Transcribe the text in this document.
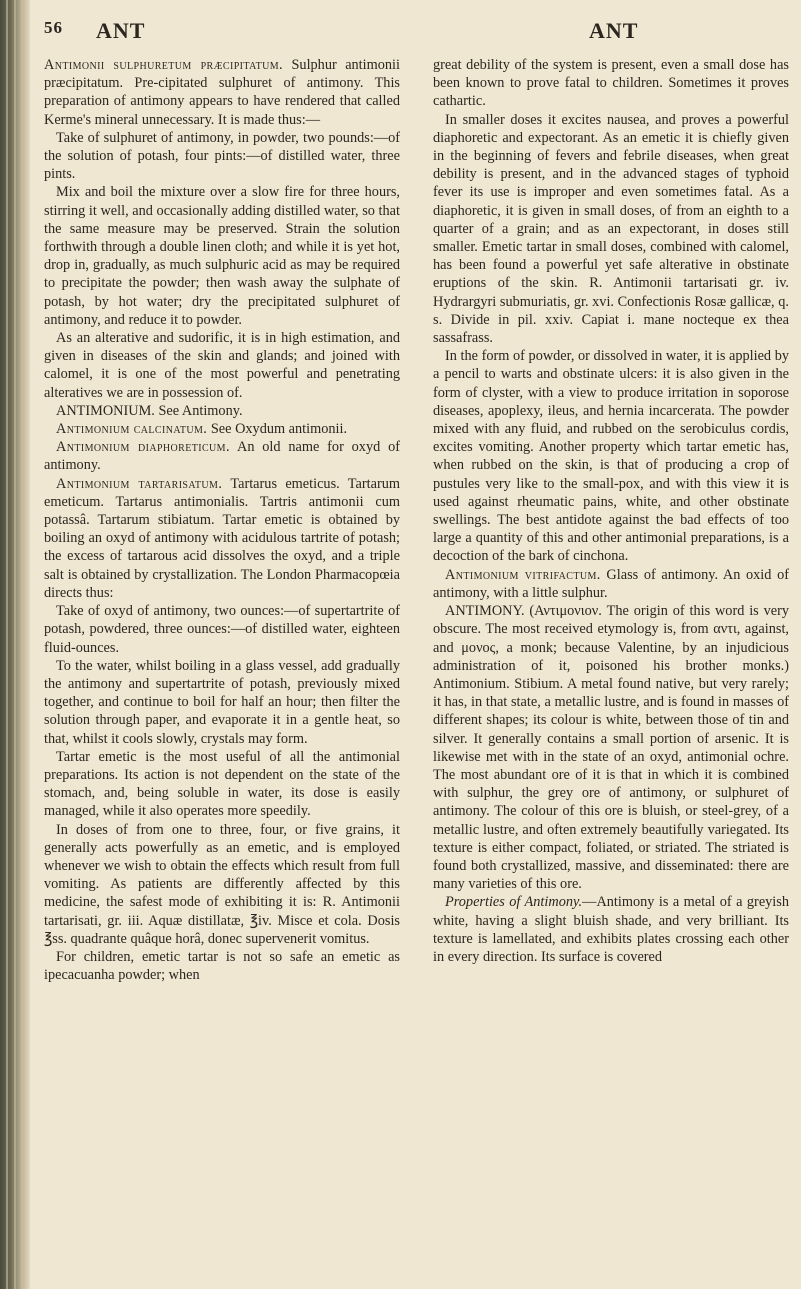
56 ANT	ANT

Antimonii sulphuretum præcipitatum. Sulphur antimonii præcipitatum. Pre-cipitated sulphuret of antimony. This preparation of antimony appears to have rendered that called Kerme's mineral unnecessary. It is made thus:—

Take of sulphuret of antimony, in powder, two pounds:—of the solution of potash, four pints:—of distilled water, three pints.

Mix and boil the mixture over a slow fire for three hours, stirring it well, and occasionally adding distilled water, so that the same measure may be preserved. Strain the solution forthwith through a double linen cloth; and while it is yet hot, drop in, gradually, as much sulphuric acid as may be required to precipitate the powder; then wash away the sulphate of potash, by hot water; dry the precipitated sulphuret of antimony, and reduce it to powder.

As an alterative and sudorific, it is in high estimation, and given in diseases of the skin and glands; and joined with calomel, it is one of the most powerful and penetrating alteratives we are in possession of.

ANTIMONIUM. See Antimony.

Antimonium calcinatum. See Oxydum antimonii.

Antimonium diaphoreticum. An old name for oxyd of antimony.

Antimonium tartarisatum. Tartarus emeticus. Tartarum emeticum. Tartarus antimonialis. Tartris antimonii cum potassâ. Tartarum stibiatum. Tartar emetic is obtained by boiling an oxyd of antimony with acidulous tartrite of potash; the excess of tartarous acid dissolves the oxyd, and a triple salt is obtained by crystallization. The London Pharmacopœia directs thus:

Take of oxyd of antimony, two ounces:—of supertartrite of potash, powdered, three ounces:—of distilled water, eighteen fluid-ounces.

To the water, whilst boiling in a glass vessel, add gradually the antimony and supertartrite of potash, previously mixed together, and continue to boil for half an hour; then filter the solution through paper, and evaporate it in a gentle heat, so that, whilst it cools slowly, crystals may form.

Tartar emetic is the most useful of all the antimonial preparations. Its action is not dependent on the state of the stomach, and, being soluble in water, its dose is easily managed, while it also operates more speedily.

In doses of from one to three, four, or five grains, it generally acts powerfully as an emetic, and is employed whenever we wish to obtain the effects which result from full vomiting. As patients are differently affected by this medicine, the safest mode of exhibiting it is: R. Antimonii tartarisati, gr. iii. Aquæ distillatæ, ℥iv. Misce et cola. Dosis ℥ss. quadrante quâque horâ, donec supervenerit vomitus.

For children, emetic tartar is not so safe an emetic as ipecacuanha powder; when

great debility of the system is present, even a small dose has been known to prove fatal to children. Sometimes it proves cathartic.

In smaller doses it excites nausea, and proves a powerful diaphoretic and expectorant. As an emetic it is chiefly given in the beginning of fevers and febrile diseases, when great debility is present, and in the advanced stages of typhoid fever its use is improper and even sometimes fatal. As a diaphoretic, it is given in small doses, of from an eighth to a quarter of a grain; and as an expectorant, in doses still smaller. Emetic tartar in small doses, combined with calomel, has been found a powerful yet safe alterative in obstinate eruptions of the skin. R. Antimonii tartarisati gr. iv. Hydrargyri submuriatis, gr. xvi. Confectionis Rosæ gallicæ, q. s. Divide in pil. xxiv. Capiat i. mane nocteque ex thea sassafrass.

In the form of powder, or dissolved in water, it is applied by a pencil to warts and obstinate ulcers: it is also given in the form of clyster, with a view to produce irritation in soporose diseases, apoplexy, ileus, and hernia incarcerata. The powder mixed with any fluid, and rubbed on the serobiculus cordis, excites vomiting. Another property which tartar emetic has, when rubbed on the skin, is that of producing a crop of pustules very like to the small-pox, and with this view it is used against rheumatic pains, white, and other obstinate swellings. The best antidote against the bad effects of too large a quantity of this and other antimonial preparations, is a decoction of the bark of cinchona.

Antimonium vitrifactum. Glass of antimony. An oxid of antimony, with a little sulphur.

ANTIMONY. (Αντιμονιον. The origin of this word is very obscure. The most received etymology is, from αντι, against, and μονος, a monk; because Valentine, by an injudicious administration of it, poisoned his brother monks.) Antimonium. Stibium. A metal found native, but very rarely; it has, in that state, a metallic lustre, and is found in masses of different shapes; its colour is white, between those of tin and silver. It generally contains a small portion of arsenic. It is likewise met with in the state of an oxyd, antimonial ochre. The most abundant ore of it is that in which it is combined with sulphur, the grey ore of antimony, or sulphuret of antimony. The colour of this ore is bluish, or steel-grey, of a metallic lustre, and often extremely beautifully variegated. Its texture is either compact, foliated, or striated. The striated is found both crystallized, massive, and disseminated: there are many varieties of this ore.

Properties of Antimony.—Antimony is a metal of a greyish white, having a slight bluish shade, and very brilliant. Its texture is lamellated, and exhibits plates crossing each other in every direction. Its surface is covered
